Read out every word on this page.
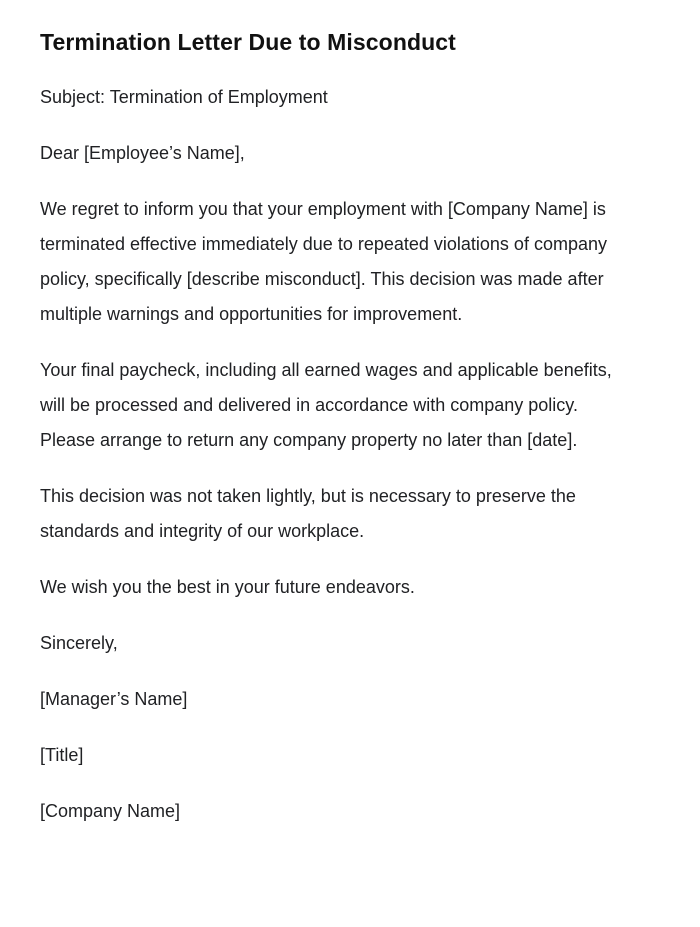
Termination Letter Due to Misconduct

Subject: Termination of Employment

Dear [Employee’s Name],

We regret to inform you that your employment with [Company Name] is terminated effective immediately due to repeated violations of company policy, specifically [describe misconduct]. This decision was made after multiple warnings and opportunities for improvement.

Your final paycheck, including all earned wages and applicable benefits, will be processed and delivered in accordance with company policy. Please arrange to return any company property no later than [date].

This decision was not taken lightly, but is necessary to preserve the standards and integrity of our workplace.

We wish you the best in your future endeavors.

Sincerely,

[Manager’s Name]

[Title]

[Company Name]
